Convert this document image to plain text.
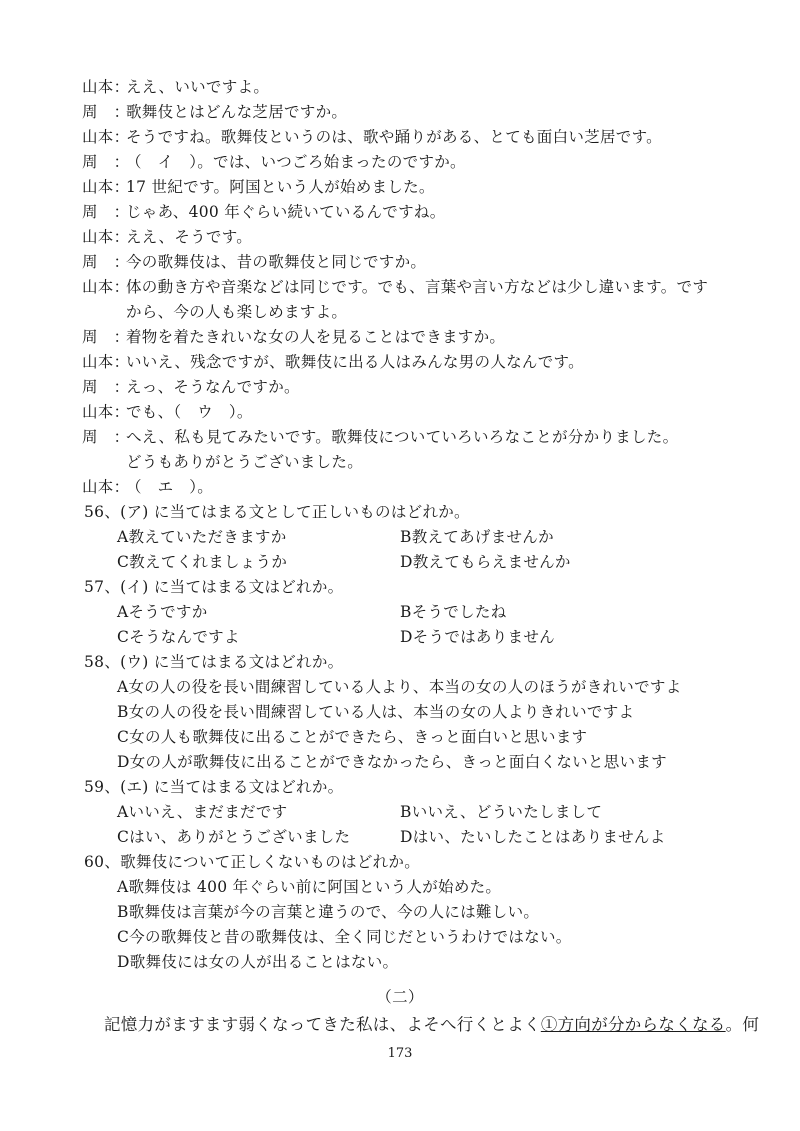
山本：ええ、いいですよ。
周　：歌舞伎とはどんな芝居ですか。
山本：そうですね。歌舞伎というのは、歌や踊りがある、とても面白い芝居です。
周　：（　イ　）。では、いつごろ始まったのですか。
山本：17 世紀です。阿国という人が始めました。
周　：じゃあ、400 年ぐらい続いているんですね。
山本：ええ、そうです。
周　：今の歌舞伎は、昔の歌舞伎と同じですか。
山本：体の動き方や音楽などは同じです。でも、言葉や言い方などは少し違います。です
から、今の人も楽しめますよ。
周　：着物を着たきれいな女の人を見ることはできますか。
山本：いいえ、残念ですが、歌舞伎に出る人はみんな男の人なんです。
周　：えっ、そうなんですか。
山本：でも、（　ウ　）。
周　：へえ、私も見てみたいです。歌舞伎についていろいろなことが分かりました。
どうもありがとうございました。
山本：（　エ　）。
56、(ア) に当てはまる文として正しいものはどれか。
A教えていただきますか	B教えてあげませんか
C教えてくれましょうか	D教えてもらえませんか
57、(イ) に当てはまる文はどれか。
Aそうですか	Bそうでしたね
Cそうなんですよ	Dそうではありません
58、(ウ) に当てはまる文はどれか。
A女の人の役を長い間練習している人より、本当の女の人のほうがきれいですよ
B女の人の役を長い間練習している人は、本当の女の人よりきれいですよ
C女の人も歌舞伎に出ることができたら、きっと面白いと思います
D女の人が歌舞伎に出ることができなかったら、きっと面白くないと思います
59、(エ) に当てはまる文はどれか。
Aいいえ、まだまだです	Bいいえ、どういたしまして
Cはい、ありがとうございました	Dはい、たいしたことはありませんよ
60、歌舞伎について正しくないものはどれか。
A歌舞伎は 400 年ぐらい前に阿国という人が始めた。
B歌舞伎は言葉が今の言葉と違うので、今の人には難しい。
C今の歌舞伎と昔の歌舞伎は、全く同じだというわけではない。
D歌舞伎には女の人が出ることはない。
（二）
記憶力がますます弱くなってきた私は、よそへ行くとよく①方向が分からなくなる。何
173
